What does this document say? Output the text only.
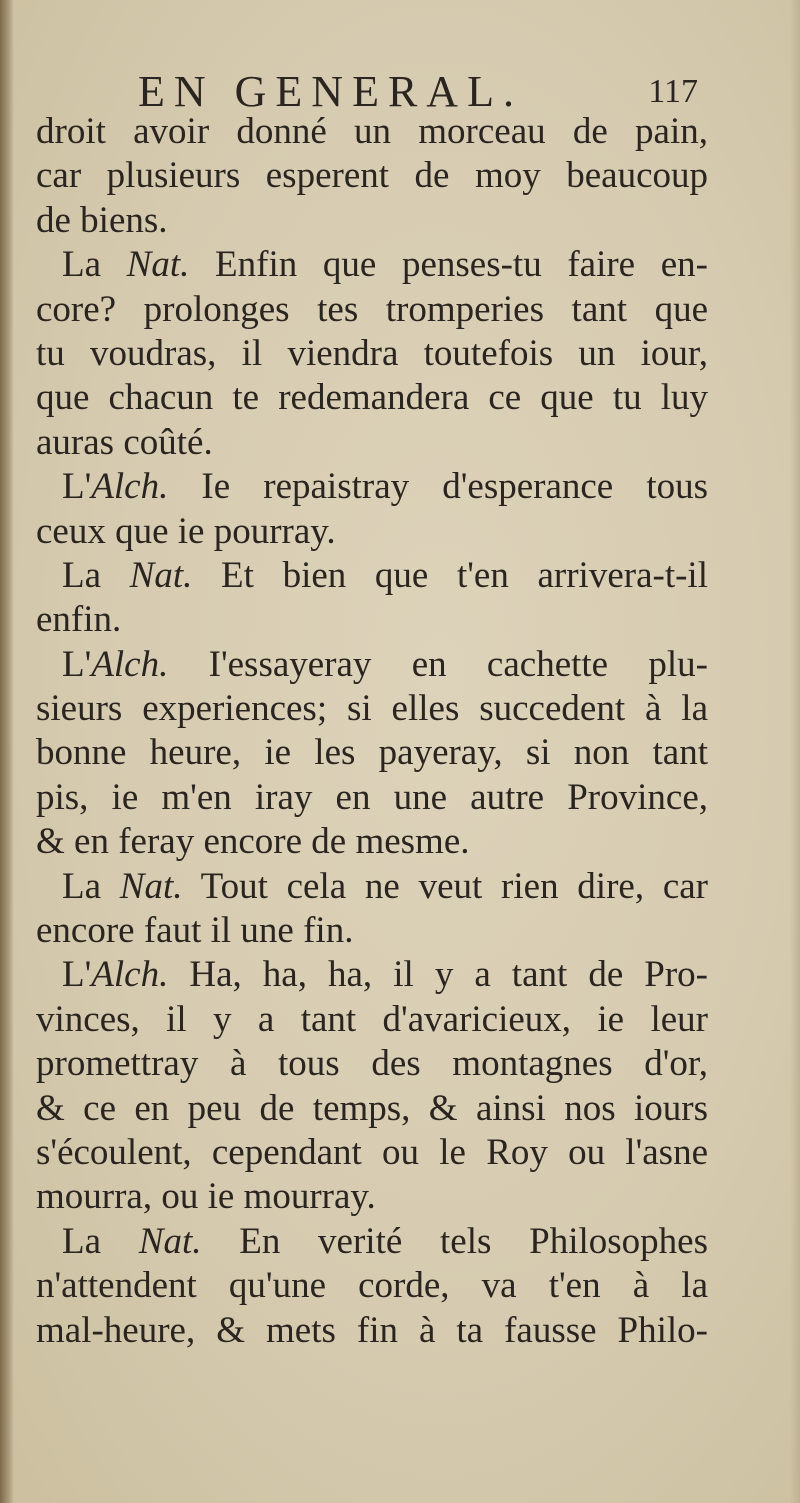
EN GENERAL.	117
droit avoir donné un morceau de pain,
car plusieurs esperent de moy beaucoup
de biens.
La Nat. Enfin que penses-tu faire en-
core? prolonges tes tromperies tant que
tu voudras, il viendra toutefois un iour,
que chacun te redemandera ce que tu luy
auras coûté.
L'Alch. Ie repaistray d'esperance tous
ceux que ie pourray.
La Nat. Et bien que t'en arrivera-t-il
enfin.
L'Alch. I'essayeray en cachette plu-
sieurs experiences; si elles succedent à la
bonne heure, ie les payeray, si non tant
pis, ie m'en iray en une autre Province,
& en feray encore de mesme.
La Nat. Tout cela ne veut rien dire, car
encore faut il une fin.
L'Alch. Ha, ha, ha, il y a tant de Pro-
vinces, il y a tant d'avaricieux, ie leur
promettray à tous des montagnes d'or,
& ce en peu de temps, & ainsi nos iours
s'écoulent, cependant ou le Roy ou l'asne
mourra, ou ie mourray.
La Nat. En verité tels Philosophes
n'attendent qu'une corde, va t'en à la
mal-heure, & mets fin à ta fausse Philo-
